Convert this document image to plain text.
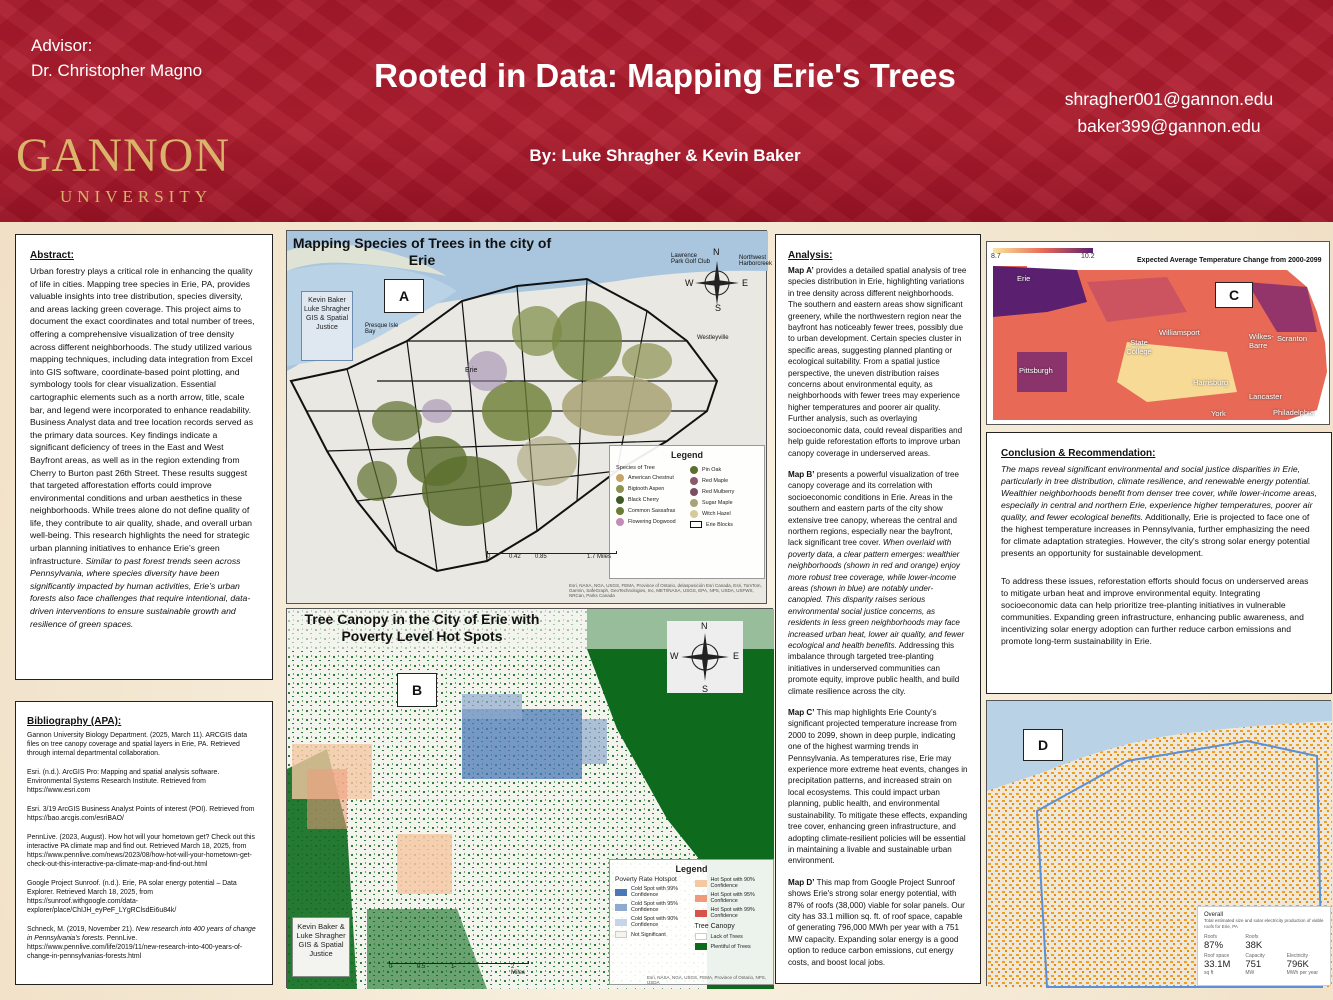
Advisor:
Dr. Christopher Magno
GANNON
UNIVERSITY
Rooted in Data: Mapping Erie's Trees
By: Luke Shragher & Kevin Baker
shragher001@gannon.edu
baker399@gannon.edu
Abstract:

Urban forestry plays a critical role in enhancing the quality of life in cities. Mapping tree species in Erie, PA, provides valuable insights into tree distribution, species diversity, and areas lacking green coverage. This project aims to document the exact coordinates and total number of trees, offering a comprehensive visualization of tree density across different neighborhoods. The study utilized various mapping techniques, including data integration from Excel into GIS software, coordinate-based point plotting, and symbology tools for clear visualization. Essential cartographic elements such as a north arrow, title, scale bar, and legend were incorporated to enhance readability. Business Analyst data and tree location records served as the primary data sources. Key findings indicate a significant deficiency of trees in the East and West Bayfront areas, as well as in the region extending from Cherry to Burton past 26th Street. These results suggest that targeted afforestation efforts could improve environmental conditions and urban aesthetics in these neighborhoods. While trees alone do not define quality of life, they contribute to air quality, shade, and overall urban well-being. This research highlights the need for strategic urban planning initiatives to enhance Erie’s green infrastructure. Similar to past forest trends seen across Pennsylvania, where species diversity have been significantly impacted by human activities, Erie’s urban forests also face challenges that require intentional, data-driven interventions to ensure sustainable growth and resilience of green spaces.

Bibliography (APA):

Gannon University Biology Department. (2025, March 11). ARCGIS data files on tree canopy coverage and spatial layers in Erie, PA. Retrieved through internal departmental collaboration.

Esri. (n.d.). ArcGIS Pro: Mapping and spatial analysis software. Environmental Systems Research Institute. Retrieved from https://www.esri.com

Esri. 3/19 ArcGIS Business Analyst Points of interest (POI). Retrieved from https://bao.arcgis.com/esriBAO/

PennLive. (2023, August). How hot will your hometown get? Check out this interactive PA climate map and find out. Retrieved March 18, 2025, from https://www.pennlive.com/news/2023/08/how-hot-will-your-hometown-get-check-out-this-interactive-pa-climate-map-and-find-out.html

Google Project Sunroof. (n.d.). Erie, PA solar energy potential – Data Explorer. Retrieved March 18, 2025, from https://sunroof.withgoogle.com/data-explorer/place/ChIJH_eyPeF_LYgRClsdEi6u84k/

Schneck, M. (2019, November 21). New research into 400 years of change in Pennsylvania’s forests. PennLive. https://www.pennlive.com/life/2019/11/new-research-into-400-years-of-change-in-pennsylvanias-forests.html

Mapping Species of Trees in the city of Erie
A
Kevin Baker Luke Shragher GIS & Spatial Justice
N
S
W	E
Lawrence Park Golf Club
Northwest Harborcreek
Westleyville
Erie
Presque Isle Bay
Legend
Species of Tree
American Chestnut
Bigtooth Aspen
Black Cherry
Common Sassafras
Flowering Dogwood
Pin Oak
Red Maple
Red Mulberry
Sugar Maple
Witch Hazel
Erie Blocks
0	0.42 0.85	1.7 Miles
Esri, NASA, NGA, USGS, FEMA, Province of Ontario, delasposición Esri Canada, Esri, TomTom, Garmin, SafeGraph, GeoTechnologies, Inc, METI/NASA, USGS, EPA, NPS, USDA, USFWS, NRCan, Parks Canada
Tree Canopy in the City of Erie with Poverty Level Hot Spots
B
Kevin Baker & Luke Shragher GIS & Spatial Justice
N
S
W	E
Legend
Poverty Rate Hotspot
Cold Spot with 99% Confidence
Cold Spot with 95% Confidence
Cold Spot with 90% Confidence
Not Significant
Hot Spot with 90% Confidence
Hot Spot with 95% Confidence
Hot Spot with 99% Confidence
Tree Canopy
Lack of Trees
Plentiful of Trees
0	0.5	1	2 Miles
Esri, NASA, NGA, USGS, FEMA, Province of Ontario, NPS, USDA
Analysis:

Map A’ provides a detailed spatial analysis of tree species distribution in Erie, highlighting variations in tree density across different neighborhoods. The southern and eastern areas show significant greenery, while the northwestern region near the bayfront has noticeably fewer trees, possibly due to urban development. Certain species cluster in specific areas, suggesting planned planting or ecological suitability. From a spatial justice perspective, the uneven distribution raises concerns about environmental equity, as neighborhoods with fewer trees may experience higher temperatures and poorer air quality. Further analysis, such as overlaying socioeconomic data, could reveal disparities and help guide reforestation efforts to improve urban canopy coverage in underserved areas.

Map B’ presents a powerful visualization of tree canopy coverage and its correlation with socioeconomic conditions in Erie. Areas in the southern and eastern parts of the city show extensive tree canopy, whereas the central and northern regions, especially near the bayfront, lack significant tree cover. When overlaid with poverty data, a clear pattern emerges: wealthier neighborhoods (shown in red and orange) enjoy more robust tree coverage, while lower-income areas (shown in blue) are notably under-canopied. This disparity raises serious environmental social justice concerns, as residents in less green neighborhoods may face increased urban heat, lower air quality, and fewer ecological and health benefits. Addressing this imbalance through targeted tree-planting initiatives in underserved communities can promote equity, improve public health, and build climate resilience across the city.

Map C’ This map highlights Erie County’s significant projected temperature increase from 2000 to 2099, shown in deep purple, indicating one of the highest warming trends in Pennsylvania. As temperatures rise, Erie may experience more extreme heat events, changes in precipitation patterns, and increased strain on local ecosystems. This could impact urban planning, public health, and environmental sustainability. To mitigate these effects, expanding tree cover, enhancing green infrastructure, and adopting climate-resilient policies will be essential in maintaining a livable and sustainable urban environment.

Map D’ This map from Google Project Sunroof shows Erie's strong solar energy potential, with 87% of roofs (38,000) viable for solar panels. Our city has 33.1 million sq. ft. of roof space, capable of generating 796,000 MWh per year with a 751 MW capacity. Expanding solar energy is a good option to reduce carbon emissions, cut energy costs, and boost local jobs.

8.7	10.2
Expected Average Temperature Change from 2000-2099
C
Erie
Scranton
Williamsport
State College
Wilkes-Barre
Pittsburgh
Harrisburg
Lancaster
York	Philadelphia
Conclusion & Recommendation:

The maps reveal significant environmental and social justice disparities in Erie, particularly in tree distribution, climate resilience, and renewable energy potential. Wealthier neighborhoods benefit from denser tree cover, while lower-income areas, especially in central and northern Erie, experience higher temperatures, poorer air quality, and fewer ecological benefits. Additionally, Erie is projected to face one of the highest temperature increases in Pennsylvania, further emphasizing the need for climate adaptation strategies. However, the city's strong solar energy potential presents an opportunity for sustainable development.

To address these issues, reforestation efforts should focus on underserved areas to mitigate urban heat and improve environmental equity. Integrating socioeconomic data can help prioritize tree-planting initiatives in vulnerable communities. Expanding green infrastructure, enhancing public awareness, and incentivizing solar energy adoption can further reduce carbon emissions and promote long-term sustainability in Erie.

D
Overall
Total estimated size and solar electricity production of viable roofs for Erie, PA
Roofs
87%
Roofs
38K
Roof space
33.1M
sq ft
Capacity
751
MW
Electricity
796K
MWh per year
